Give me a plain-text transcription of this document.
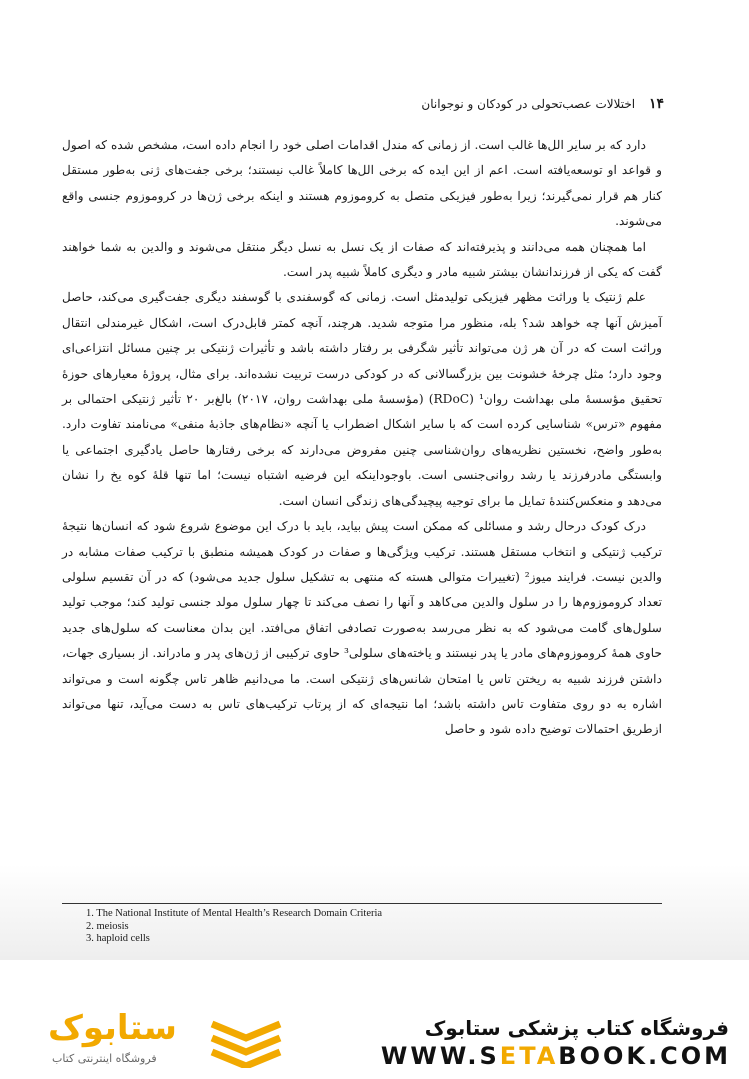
۱۴ اختلالات عصب‌تحولی در کودکان و نوجوانان

دارد که بر سایر الل‌ها غالب است. از زمانی که مندل اقدامات اصلی خود را انجام داده است، مشخص شده که اصول و قواعد او توسعه‌یافته است. اعم از این ایده که برخی الل‌ها کاملاً غالب نیستند؛ برخی جفت‌های ژنی به‌طور مستقل کنار هم قرار نمی‌گیرند؛ زیرا به‌طور فیزیکی متصل به کروموزوم هستند و اینکه برخی ژن‌ها در کروموزوم جنسی واقع می‌شوند.

اما همچنان همه می‌دانند و پذیرفته‌اند که صفات از یک نسل به نسل دیگر منتقل می‌شوند و والدین به شما خواهند گفت که یکی از فرزندانشان بیشتر شبیه مادر و دیگری کاملاً شبیه پدر است.

علم ژنتیک یا وراثت مظهر فیزیکی تولیدمثل است. زمانی که گوسفندی با گوسفند دیگری جفت‌گیری می‌کند، حاصل آمیزش آنها چه خواهد شد؟ بله، منظور مرا متوجه شدید. هرچند، آنچه کمتر قابل‌درک است، اشکال غیرمندلی انتقال وراثت است که در آن هر ژن می‌تواند تأثیر شگرفی بر رفتار داشته باشد و تأثیرات ژنتیکی بر چنین مسائل انتزاعی‌ای وجود دارد؛ مثل چرخهٔ خشونت بین بزرگسالانی که در کودکی درست تربیت نشده‌اند. برای مثال، پروژهٔ معیارهای حوزهٔ تحقیق مؤسسهٔ ملی بهداشت روان¹ (RDoC) (مؤسسهٔ ملی بهداشت روان، ۲۰۱۷) بالغ‌بر ۲۰ تأثیر ژنتیکی احتمالی بر مفهوم «ترس» شناسایی کرده است که با سایر اشکال اضطراب یا آنچه «نظام‌های جاذبهٔ منفی» می‌نامند تفاوت دارد. به‌طور واضح، نخستین نظریه‌های روان‌شناسی چنین مفروض می‌دارند که برخی رفتارها حاصل یادگیری اجتماعی یا وابستگی مادرفرزند یا رشد روانی‌جنسی است. باوجوداینکه این فرضیه اشتباه نیست؛ اما تنها قلهٔ کوه یخ را نشان می‌دهد و منعکس‌کنندهٔ تمایل ما برای توجیه پیچیدگی‌های زندگی انسان است.

درک کودک درحال رشد و مسائلی که ممکن است پیش بیاید، باید با درک این موضوع شروع شود که انسان‌ها نتیجهٔ ترکیب ژنتیکی و انتخاب مستقل هستند. ترکیب ویژگی‌ها و صفات در کودک همیشه منطبق با ترکیب صفات مشابه در والدین نیست. فرایند میوز² (تغییرات متوالی هسته که منتهی به تشکیل سلول جدید می‌شود) که در آن تقسیم سلولی تعداد کروموزوم‌ها را در سلول والدین می‌کاهد و آنها را نصف می‌کند تا چهار سلول مولد جنسی تولید کند؛ موجب تولید سلول‌های گامت می‌شود که به نظر می‌رسد به‌صورت تصادفی اتفاق می‌افتد. این بدان معناست که سلول‌های جدید حاوی همهٔ کروموزوم‌های مادر یا پدر نیستند و یاخته‌های سلولی³ حاوی ترکیبی از ژن‌های پدر و مادراند. از بسیاری جهات، داشتن فرزند شبیه به ریختن تاس یا امتحان شانس‌های ژنتیکی است. ما می‌دانیم ظاهر تاس چگونه است و می‌تواند اشاره به دو روی متفاوت تاس داشته باشد؛ اما نتیجه‌ای که از پرتاب ترکیب‌های تاس به دست می‌آید، تنها می‌تواند ازطریق احتمالات توضیح داده شود و حاصل

1. The National Institute of Mental Health’s Research Domain Criteria
2. meiosis
3. haploid cells
ستابوک
فروشگاه اینترنتی کتاب
فروشگاه کتاب پزشکی ستابوک
WWW.SETABOOK.COM
